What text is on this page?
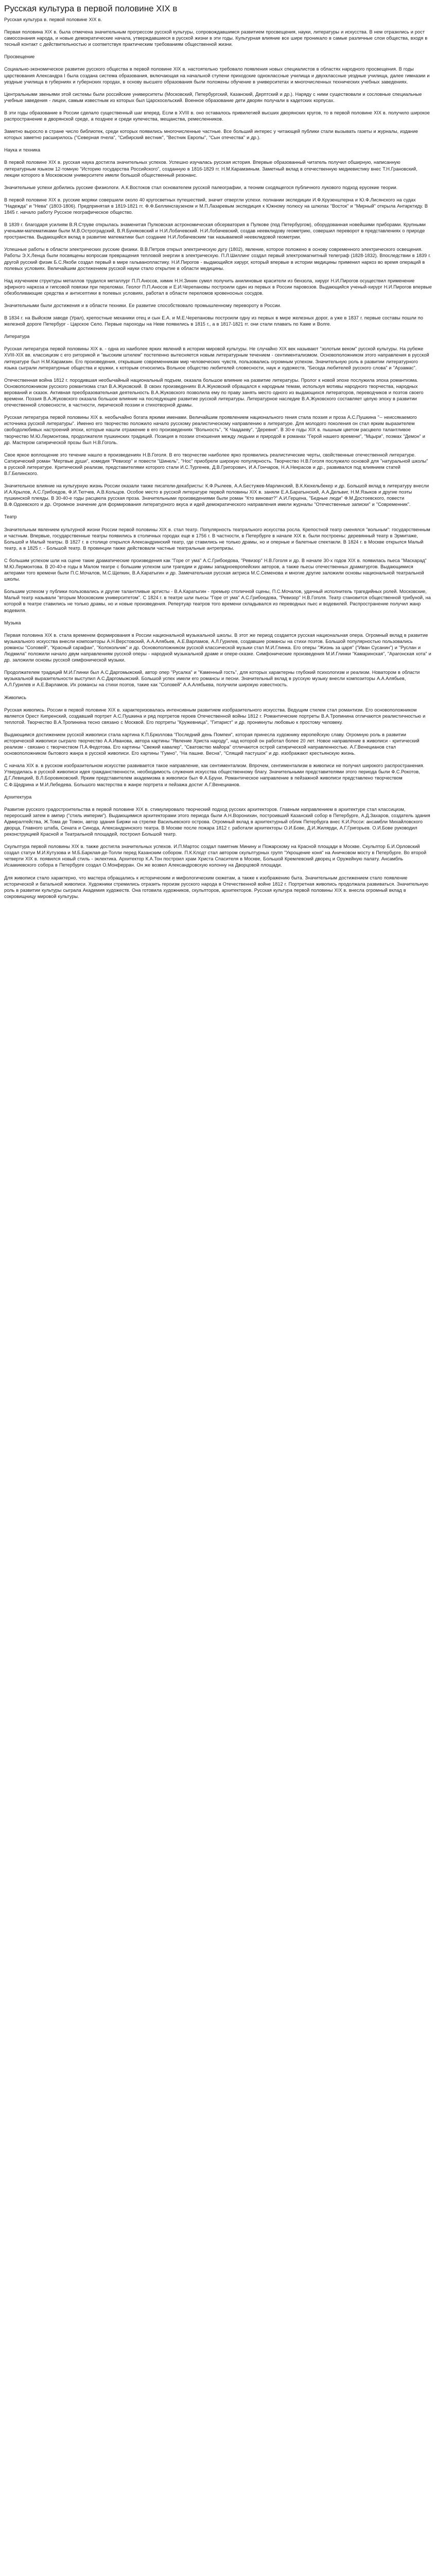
Русская культура в первой половине XIX в

Русская культура в. первой половине XIX в.

Первая половина XIX в. была отмечена значительным прогрессом русской культуры, сопровождавшимся развитием просвещения, науки, литературы и искусства. В нем отразились и рост самосознания народа, и новые демократические начала, утверждавшиеся в русской жизни в эти годы. Культурная влияние все шире проникало в самые различные слои общества, входя в тесный контакт с действительностью и соответствуя практическим требованиям общественной жизни.

Просвещение

Социально-экономическое развитие русского общества в первой половине XIX в. настоятельно требовало появления новых специалистов в областях народного просвещения. В годы царствования Александра I была создана система образования, включающая на начальной ступени приходские одноклассные училища и двухклассные уездные училища, далее гимназии и уездные училища в губерниях и губернских городах, в основу высшего образования были положены обучение в университетах и многочисленных технических учебных заведениях.

Центральными звеньями этой системы были российские университеты (Московский, Петербургский, Казанский, Дерптский и др.). Наряду с ними существовали и сословные специальные учебные заведения - лицеи, самым известным из которых был Царскосельский. Военное образование дети дворян получали в кадетских корпусах.

В эти годы образование в России сделало существенный шаг вперед. Если в XVIII в. оно оставалось привилегией высших дворянских кругов, то в первой половине XIX в. получило широкое распространение в дворянской среде, а позднее и среди купечества, мещанства, ремесленников.

Заметно выросло в стране число библиотек, среди которых появились многочисленные частные. Все больший интерес у читающей публики стали вызывать газеты и журналы, издание которых заметно расширилось ("Северная пчела", "Сибирский вестник", "Вестник Европы", "Сын отечества" и др.).

Наука и техника

В первой половине XIX в. русская наука достигла значительных успехов. Успешно изучалась русская история. Впервые образованный читатель получил обширную, написанную литературным языком 12-томную "Историю государства Российского", созданную в 1816-1829 гг. Н.М.Карамзиным. Заметный вклад в отечественную медиевистику внес Т.Н.Грановский, лекции которого в Московском университете имели большой общественный резонанс.

Значительные успехи добились русские физиологи. А.К.Востоков стал основателем русской палеографии, а теоним сходящегося публичного лукового подход ерусекие теории.

В первой половине XIX в. русские моряки совершили около 40 кругосветных путешествий, значит отвергли успехи. полнании экспедиции И.Ф.Крузенштерна и Ю.Ф.Лисянского на судах "Надежда" и "Нева" (1803-1806). Предпринятая в 1819-1821 гг. Ф.Ф.Беллинсгаузеном и М.П.Лазаревым экспедиция к Южному полюсу на шлюпах "Восток" и "Мирный" открыла Антарктиду. В 1845 г. начало работу Русское географическое общество.

В 1839 г. благодаря усилиям В.Я.Струве открылась знаменитая Пулковская астрономическая обсерватория в Пулкове (под Петербургом), оборудованная новейшими приборами. Крупными учеными-математиками были М.В.Остроградский, В.Я.Буняковский и Н.И.Лобачевский. Н.И.Лобачевский, создав неевклидову геометрию, совершил переворот в представлениях о природе пространства. Выдающийся вклад в развитие математики был создание Н.И.Лобачевским так называемой неевклидовой геометрии.

Успешные работы в области электрических русские физики. В.В.Петров открыл электрическую дугу (1802), явление, которое положено в основу современного электрического освещения. Работы Э.Х.Ленца были посвящены вопросам превращения тепловой энергии в электрическую. П.Л.Шиллинг создал первый электромагнитный телеграф (1828-1832). Впоследствии в 1839 г. другой русский физик Б.С.Якоби создал первый в мире гальванопластику. Н.И.Пирогов - выдающийся хирург, который впервые в истории медицины применил наркоз во время операций в полевых условиях. Величайшим достижением русской науки стало открытие в области медицины.

Над изучением структуры металлов трудился металлург П.П.Аносов, химик Н.Н.Зинин сумел получить анилиновые красители из бензола, хирург Н.И.Пирогов осуществил применение эфирного наркоза и гипсовой повязки при переломах. Геолог П.П.Аносов и Е.И.Черепановы построили один из первых в России паровозов. Выдающийся ученый-хирург Н.И.Пирогов впервые обезболивающие средства и антисептики в полевых условиях, работал в области переломов кровеносных сосудов.

Значительными были достижения и в области техники. Ее развитие способствовало промышленному перевороту в России.

В 1834 г. на Выйском заводе (Урал), крепостные механики отец и сын Е.А. и М.Е.Черепановы построили одну из первых в мире железных дорог, а уже в 1837 г. первые составы пошли по железной дороге Петербург - Царское Село. Первые пароходы на Неве появились в 1815 г., а в 1817-1821 гг. они стали плавать по Каме и Волге.

Литература

Русская литература первой половины XIX в. - одна из наиболее ярких явлений в истории мировой культуры. Не случайно XIX век называют "золотым веком" русской культуры. На рубеже XVIII-XIX вв. классицизм с его риторикой и "высоким штилем" постепенно вытесняется новым литературным течением - сентиментализмом. Основоположником этого направления в русской литературе был Н.М.Карамзин. Его произведения, открывшие современникам мир человеческих чувств, пользовались огромным успехом. Значительную роль в развитии литературного языка сыграли литературные общества и кружки, к которым относились Вольное общество любителей словесности, наук и художеств, "Беседа любителей русского слова" и "Арзамас".

Отечественная война 1812 г. породившая необычайный национальный подъем, оказала большое влияние на развитие литературы. Пролог к новой эпохе послужила эпоха романтизма. Основоположником русского романтизма стал В.А.Жуковский. В своих произведениях В.А.Жуковский обращался к народным темам, используя мотивы народного творчества, народных верований и сказок. Активная преобразовательная деятельность В.А.Жуковского позволила ему по праву занять место одного из выдающихся литераторов, переводчиков и поэтов своего времени. Поэзия В.А.Жуковского оказала большое влияние на последующее развитие русской литературы. Литературное наследие В.А.Жуковского составляет целую эпоху в развитии отечественной словесности, в частности, лирической поэзии и стихотворной драмы.

Русская литература первой половины XIX в. необычайно богата яркими именами. Величайшим проявлением национального гения стала поэзия и проза А.С.Пушкина "-- неиссякаемого источника русской литературы". Именно его творчество положило начало русскому реалистическому направлению в литературе. Для молодого поколения он стал ярким выразителем свободолюбивых настроений эпохи, которые нашли отражение в его произведениях "Вольность", "К Чаадаеву", "Деревня". В 30-е годы XIX в. пышным цветом расцвело талантливое творчество М.Ю.Лермонтова, продолжателя пушкинских традиций. Позиция в поэзии отношения между людьми и природой в романах "Герой нашего времени", "Мцыри", поэмах "Демон" и др. Мастером сатирической прозы был Н.В.Гоголь.

Свое яркое воплощение это течение нашло в произведениях Н.В.Гоголя. В его творчестве наиболее ярко проявились реалистические черты, свойственные отечественной литературе. Сатирический роман "Мертвые души", комедия "Ревизор" и повести "Шинель", "Нос" приобрели широкую популярность. Творчество Н.В.Гоголя послужило основой для "натуральной школы" в русской литературе. Критический реализм, представителями которого стали И.С.Тургенев, Д.В.Григорович, И.А.Гончаров, Н.А.Некрасов и др., развивался под влиянием статей В.Г.Белинского.

Значительное влияние на культурную жизнь России оказали также писатели-декабристы: К.Ф.Рылеев, А.А.Бестужев-Марлинский, В.К.Кюхельбекер и др. Большой вклад в литературу внесли И.А.Крылов, А.С.Грибоедов, Ф.И.Тютчев, А.В.Кольцов. Особое место в русской литературе первой половины XIX в. заняли Е.А.Баратынский, А.А.Дельвиг, Н.М.Языков и другие поэты пушкинской плеяды. В 30-40-е годы расцвела русская проза. Значительными произведениями были роман "Кто виноват?" А.И.Герцена, "Бедные люди" Ф.М.Достоевского, повести В.Ф.Одоевского и др. Огромное значение для формирования литературного вкуса и идей демократического направления имели журналы "Отечественные записки" и "Современник".

Театр

Значительным явлением культурной жизни России первой половины XIX в. стал театр. Популярность театрального искусства росла. Крепостной театр сменялся "вольным": государственным и частным. Впервые, государственные театры появились в столичных городах еще в 1756 г. В частности, в Петербурге в начале XIX в. были построены: деревянный театр в Эрмитаже, Большой и Малый театры. В 1827 г. в столице открылся Александринский театр, где ставились не только драмы, но и оперные и балетные спектакли. В 1824 г. в Москве открылся Малый театр, а в 1825 г. - Большой театр. В провинции также действовали частные театральные антрепризы.

С большим успехом шли на сцене такие драматические произведения как "Горе от ума" А.С.Грибоедова, "Ревизор" Н.В.Гоголя и др. В начале 30-х годов XIX в. появилась пьеса "Маскарад" М.Ю.Лермонтова. В 20-40-е годы в Малом театре с большим успехом шли трагедии и драмы западноевропейских авторов, а также пьесы отечественных драматургов. Выдающимися актерами того времени были П.С.Мочалов, М.С.Щепкин, В.А.Каратыгин и др. Замечательная русская актриса М.С.Семенова и многие другие заложили основы национальной театральной школы.

Большим успехом у публики пользовались и другие талантливые артисты - В.А.Каратыгин - премьер столичной сцены, П.С.Мочалов, удачный исполнитель трагедийных ролей. Московские, Малый театр называли "вторым Московским университетом". С 1824 г. в театре шли пьесы "Горе от ума" А.С.Грибоедова, "Ревизор" Н.В.Гоголя. Театр становится общественной трибуной, на которой в театре ставились не только драмы, но и новые произведения. Репертуар театров того времени складывался из переводных пьес и водевилей. Распространение получил жанр водевиля.

Музыка

Первая половина XIX в. стала временем формирования в России национальной музыкальной школы. В этот же период создается русская национальная опера. Огромный вклад в развитие музыкального искусства внесли композиторы А.Н.Верстовский, А.А.Алябьев, А.Е.Варламов, А.Л.Гурилев, создавшие романсы на стихи поэтов. Большой популярностью пользовались романсы "Соловей", "Красный сарафан", "Колокольчик" и др. Основоположником русской классической музыки стал М.И.Глинка. Его оперы "Жизнь за царя" ("Иван Сусанин") и "Руслан и Людмила" положили начало двум направлениям русской оперы - народной музыкальной драме и опере-сказке. Симфонические произведения М.И.Глинки "Камаринская", "Арагонская хота" и др. заложили основы русской симфонической музыки.

Продолжателем традиций М.И.Глинки был А.С.Даргомыжский, автор опер "Русалка" и "Каменный гость", для которых характерны глубокий психологизм и реализм. Новатором в области музыкальной выразительности выступил А.С.Даргомыжский. Большой успех имели его романсы и песни. Значительный вклад в русскую музыку внесли композиторы А.А.Алябьев, А.Л.Гурилев и А.Е.Варламов. Их романсы на стихи поэтов, такие как "Соловей" А.А.Алябьева, получили широкую известность.

Живопись

Русская живопись. России в первой половине XIX в. характеризовалась интенсивным развитием изобразительного искусства. Ведущим стилем стал романтизм. Его основоположником является Орест Кипренский, создавший портрет А.С.Пушкина и ряд портретов героев Отечественной войны 1812 г. Романтические портреты В.А.Тропинина отличаются реалистичностью и теплотой. Творчество В.А.Тропинина тесно связано с Москвой. Его портреты "Кружевница", "Гитарист" и др. проникнуты любовью к простому человеку.

Выдающимся достижением русской живописи стала картина К.П.Брюллова "Последний день Помпеи", которая принесла художнику европейскую славу. Огромную роль в развитии исторической живописи сыграло творчество А.А.Иванова, автора картины "Явление Христа народу", над которой он работал более 20 лет. Новое направление в живописи - критический реализм - связано с творчеством П.А.Федотова. Его картины "Свежий кавалер", "Сватовство майора" отличаются острой сатирической направленностью. А.Г.Венецианов стал основоположником бытового жанра в русской живописи. Его картины "Гумно", "На пашне. Весна", "Спящий пастушок" и др. изображают крестьянскую жизнь.

С начала XIX в. в русском изобразительном искусстве развивается такое направление, как сентиментализм. Впрочем, сентиментализм в живописи не получил широкого распространения. Утвердилась в русской живописи идея гражданственности, необходимость служения искусства общественному благу. Значительными представителями этого периода были Ф.С.Рокотов, Д.Г.Левицкий, В.Л.Боровиковский. Ярким представителем академизма в живописи был Ф.А.Бруни. Романтическое направление в пейзажной живописи представлено творчеством С.Ф.Щедрина и М.И.Лебедева. Большого мастерства в жанре портрета и пейзажа достиг А.Г.Венецианов.

Архитектура

Развитие русского градостроительства в первой половине XIX в. стимулировало творческий подход русских архитекторов. Главным направлением в архитектуре стал классицизм, переросший затем в ампир ("стиль империи"). Выдающимися архитекторами этого периода были А.Н.Воронихин, построивший Казанский собор в Петербурге, А.Д.Захаров, создатель здания Адмиралтейства, Ж.Тома де Томон, автор здания Биржи на стрелке Васильевского острова. Огромный вклад в архитектурный облик Петербурга внес К.И.Росси: ансамбли Михайловского дворца, Главного штаба, Сената и Синода, Александринского театра. В Москве после пожара 1812 г. работали архитекторы О.И.Бове, Д.И.Жилярди, А.Г.Григорьев. О.И.Бове руководил реконструкцией Красной и Театральной площадей, построил Большой театр.

Скульптура первой половины XIX в. также достигла значительных успехов. И.П.Мартос создал памятник Минину и Пожарскому на Красной площади в Москве. Скульптор Б.И.Орловский создал статуи М.И.Кутузова и М.Б.Барклая-де-Толли перед Казанским собором. П.К.Клодт стал автором скульптурных групп "Укрощение коня" на Аничковом мосту в Петербурге. Во второй четверти XIX в. появился новый стиль - эклектика. Архитектор К.А.Тон построил храм Христа Спасителя в Москве, Большой Кремлевский дворец и Оружейную палату. Ансамбль Исаакиевского собора в Петербурге создал О.Монферран. Он же возвел Александровскую колонну на Дворцовой площади.

Для живописи стало характерно, что мастера обращались к историческим и мифологическим сюжетам, а также к изображению быта. Значительным достижением стало появление исторической и батальной живописи. Художники стремились отразить героизм русского народа в Отечественной войне 1812 г. Портретная живопись продолжала развиваться. Значительную роль в развитии культуры сыграла Академия художеств. Она готовила художников, скульпторов, архитекторов. Русская культура первой половины XIX в. внесла огромный вклад в сокровищницу мировой культуры.
